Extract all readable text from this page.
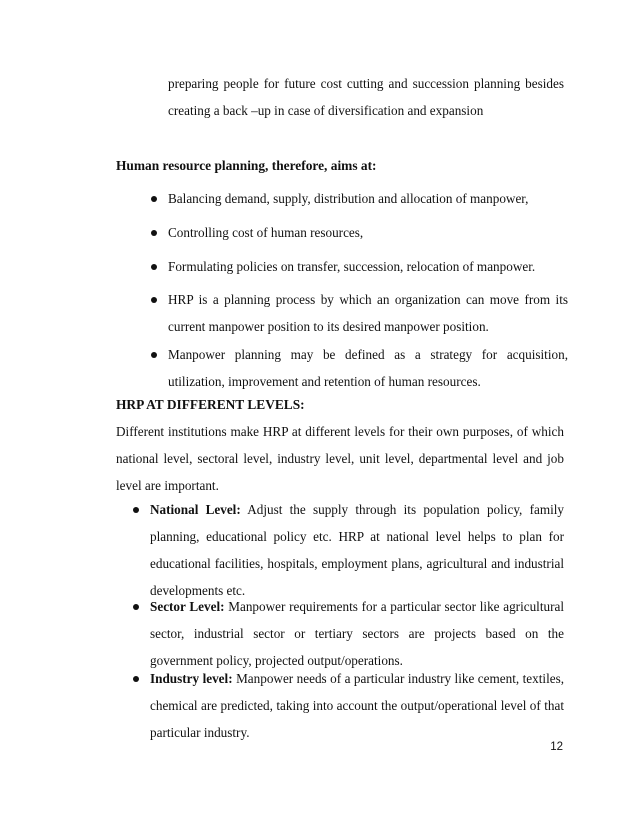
preparing people for future cost cutting and succession planning besides creating a back –up in case of diversification and expansion

Human resource planning, therefore, aims at:

Balancing demand, supply, distribution and allocation of manpower,

Controlling cost of human resources,

Formulating policies on transfer, succession, relocation of manpower.

HRP is a planning process by which an organization can move from its current manpower position to its desired manpower position.

Manpower planning may be defined as a strategy for acquisition, utilization, improvement and retention of human resources.

HRP AT DIFFERENT LEVELS:

Different institutions make HRP at different levels for their own purposes, of which national level, sectoral level, industry level, unit level, departmental level and job level are important.

National Level: Adjust the supply through its population policy, family planning, educational policy etc. HRP at national level helps to plan for educational facilities, hospitals, employment plans, agricultural and industrial developments etc.

Sector Level: Manpower requirements for a particular sector like agricultural sector, industrial sector or tertiary sectors are projects based on the government policy, projected output/operations.

Industry level: Manpower needs of a particular industry like cement, textiles, chemical are predicted, taking into account the output/operational level of that particular industry.

12
